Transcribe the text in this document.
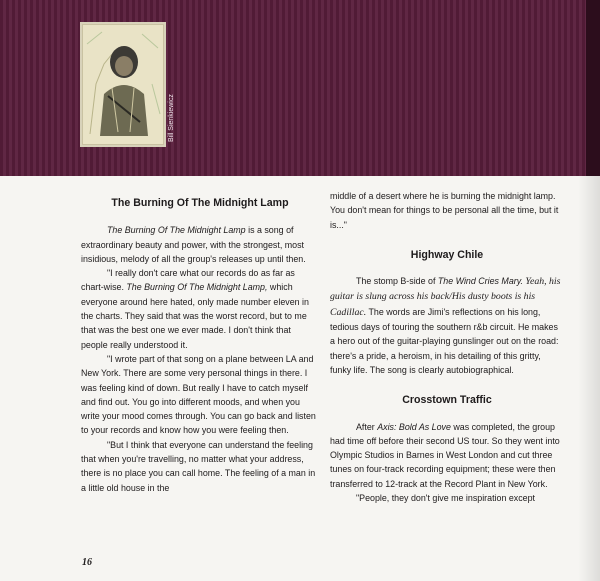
Bill Sienkiewicz
The Burning Of The Midnight Lamp

The Burning Of The Midnight Lamp is a song of extraordinary beauty and power, with the strongest, most insidious, melody of all the group's releases up until then.

"I really don't care what our records do as far as chart-wise. The Burning Of The Midnight Lamp, which everyone around here hated, only made number eleven in the charts. They said that was the worst record, but to me that was the best one we ever made. I don't think that people really understood it.

"I wrote part of that song on a plane between LA and New York. There are some very personal things in there. I was feeling kind of down. But really I have to catch myself and find out. You go into different moods, and when you write your mood comes through. You can go back and listen to your records and know how you were feeling then.

"But I think that everyone can understand the feeling that when you're travelling, no matter what your address, there is no place you can call home. The feeling of a man in a little old house in the

middle of a desert where he is burning the midnight lamp. You don't mean for things to be personal all the time, but it is..."

Highway Chile

The stomp B-side of The Wind Cries Mary. Yeah, his guitar is slung across his back/His dusty boots is his Cadillac. The words are Jimi's reflections on his long, tedious days of touring the southern r&b circuit. He makes a hero out of the guitar-playing gunslinger out on the road: there's a pride, a heroism, in his detailing of this gritty, funky life. The song is clearly autobiographical.

Crosstown Traffic

After Axis: Bold As Love was completed, the group had time off before their second US tour. So they went into Olympic Studios in Barnes in West London and cut three tunes on four-track recording equipment; these were then transferred to 12-track at the Record Plant in New York.

"People, they don't give me inspiration except

16
